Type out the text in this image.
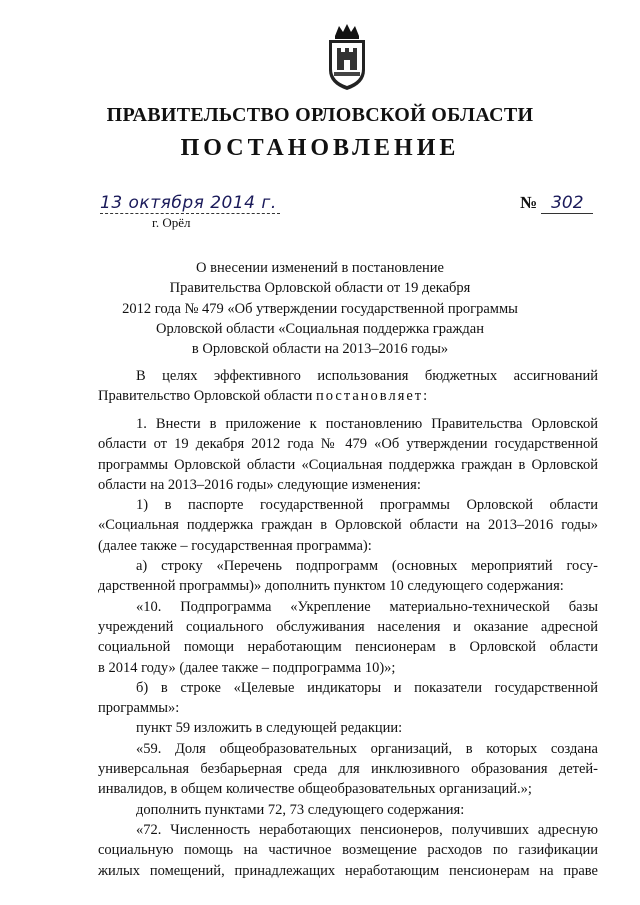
ПРАВИТЕЛЬСТВО ОРЛОВСКОЙ ОБЛАСТИ
ПОСТАНОВЛЕНИЕ
13 октября 2014 г.
г. Орёл
№ 302
О внесении изменений в постановление
Правительства Орловской области от 19 декабря
2012 года № 479 «Об утверждении государственной программы
Орловской области «Социальная поддержка граждан
в Орловской области на 2013–2016 годы»
В целях эффективного использования бюджетных ассигнований
Правительство Орловской области постановляет:
1. Внести в приложение к постановлению Правительства Орловской
области от 19 декабря 2012 года № 479 «Об утверждении государственной
программы Орловской области «Социальная поддержка граждан в Орловской
области на 2013–2016 годы» следующие изменения:
1) в паспорте государственной программы Орловской области
«Социальная поддержка граждан в Орловской области на 2013–2016 годы»
(далее также – государственная программа):
а) строку «Перечень подпрограмм (основных мероприятий госу-
дарственной программы)» дополнить пунктом 10 следующего содержания:
«10. Подпрограмма «Укрепление материально-технической базы
учреждений социального обслуживания населения и оказание адресной
социальной помощи неработающим пенсионерам в Орловской области
в 2014 году» (далее также – подпрограмма 10)»;
б) в строке «Целевые индикаторы и показатели государственной
программы»:
пункт 59 изложить в следующей редакции:
«59. Доля общеобразовательных организаций, в которых создана
универсальная безбарьерная среда для инклюзивного образования детей-
инвалидов, в общем количестве общеобразовательных организаций.»;
дополнить пунктами 72, 73 следующего содержания:
«72. Численность неработающих пенсионеров, получивших адресную
социальную помощь на частичное возмещение расходов по газификации
жилых помещений, принадлежащих неработающим пенсионерам на праве
